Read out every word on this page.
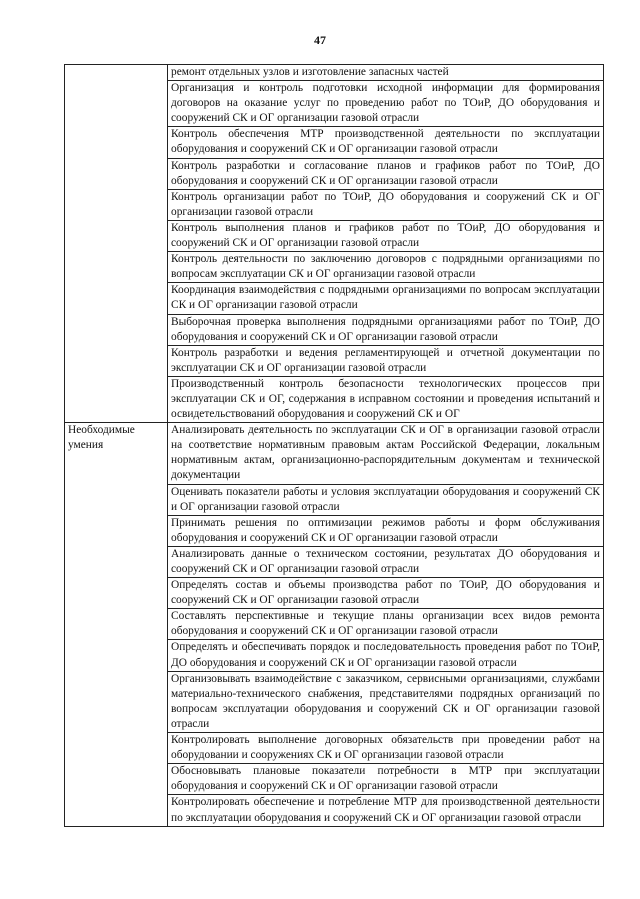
47
	ремонт отдельных узлов и изготовление запасных частей
	Организация и контроль подготовки исходной информации для формирования договоров на оказание услуг по проведению работ по ТОиР, ДО оборудования и сооружений СК и ОГ организации газовой отрасли
	Контроль обеспечения МТР производственной деятельности по эксплуатации оборудования и сооружений СК и ОГ организации газовой отрасли
	Контроль разработки и согласование планов и графиков работ по ТОиР, ДО оборудования и сооружений СК и ОГ организации газовой отрасли
	Контроль организации работ по ТОиР, ДО оборудования и сооружений СК и ОГ организации газовой отрасли
	Контроль выполнения планов и графиков работ по ТОиР, ДО оборудования и сооружений СК и ОГ организации газовой отрасли
	Контроль деятельности по заключению договоров с подрядными организациями по вопросам эксплуатации СК и ОГ организации газовой отрасли
	Координация взаимодействия с подрядными организациями по вопросам эксплуатации СК и ОГ организации газовой отрасли
	Выборочная проверка выполнения подрядными организациями работ по ТОиР, ДО оборудования и сооружений СК и ОГ организации газовой отрасли
	Контроль разработки и ведения регламентирующей и отчетной документации по эксплуатации СК и ОГ организации газовой отрасли
	Производственный контроль безопасности технологических процессов при эксплуатации СК и ОГ, содержания в исправном состоянии и проведения испытаний и освидетельствований оборудования и сооружений СК и ОГ
Необходимые умения	Анализировать деятельность по эксплуатации СК и ОГ в организации газовой отрасли на соответствие нормативным правовым актам Российской Федерации, локальным нормативным актам, организационно-распорядительным документам и технической документации
	Оценивать показатели работы и условия эксплуатации оборудования и сооружений СК и ОГ организации газовой отрасли
	Принимать решения по оптимизации режимов работы и форм обслуживания оборудования и сооружений СК и ОГ организации газовой отрасли
	Анализировать данные о техническом состоянии, результатах ДО оборудования и сооружений СК и ОГ организации газовой отрасли
	Определять состав и объемы производства работ по ТОиР, ДО оборудования и сооружений СК и ОГ организации газовой отрасли
	Составлять перспективные и текущие планы организации всех видов ремонта оборудования и сооружений СК и ОГ организации газовой отрасли
	Определять и обеспечивать порядок и последовательность проведения работ по ТОиР, ДО оборудования и сооружений СК и ОГ организации газовой отрасли
	Организовывать взаимодействие с заказчиком, сервисными организациями, службами материально-технического снабжения, представителями подрядных организаций по вопросам эксплуатации оборудования и сооружений СК и ОГ организации газовой отрасли
	Контролировать выполнение договорных обязательств при проведении работ на оборудовании и сооружениях СК и ОГ организации газовой отрасли
	Обосновывать плановые показатели потребности в МТР при эксплуатации оборудования и сооружений СК и ОГ организации газовой отрасли
	Контролировать обеспечение и потребление МТР для производственной деятельности по эксплуатации оборудования и сооружений СК и ОГ организации газовой отрасли
